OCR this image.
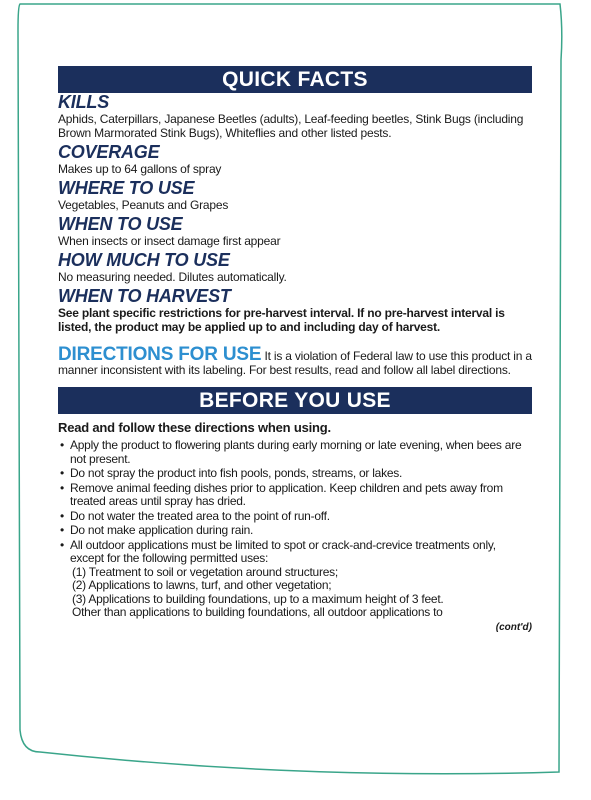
QUICK FACTS
KILLS
Aphids, Caterpillars, Japanese Beetles (adults), Leaf-feeding beetles, Stink Bugs (including Brown Marmorated Stink Bugs), Whiteflies and other listed pests.
COVERAGE
Makes up to 64 gallons of spray
WHERE TO USE
Vegetables, Peanuts and Grapes
WHEN TO USE
When insects or insect damage first appear
HOW MUCH TO USE
No measuring needed. Dilutes automatically.
WHEN TO HARVEST
See plant specific restrictions for pre-harvest interval. If no pre-harvest interval is listed, the product may be applied up to and including day of harvest.
DIRECTIONS FOR USE It is a violation of Federal law to use this product in a manner inconsistent with its labeling. For best results, read and follow all label directions.
BEFORE YOU USE
Read and follow these directions when using.
• Apply the product to flowering plants during early morning or late evening, when bees are not present.
• Do not spray the product into fish pools, ponds, streams, or lakes.
• Remove animal feeding dishes prior to application. Keep children and pets away from treated areas until spray has dried.
• Do not water the treated area to the point of run-off.
• Do not make application during rain.
• All outdoor applications must be limited to spot or crack-and-crevice treatments only, except for the following permitted uses:
(1) Treatment to soil or vegetation around structures;
(2) Applications to lawns, turf, and other vegetation;
(3) Applications to building foundations, up to a maximum height of 3 feet.
Other than applications to building foundations, all outdoor applications to
(cont'd)
